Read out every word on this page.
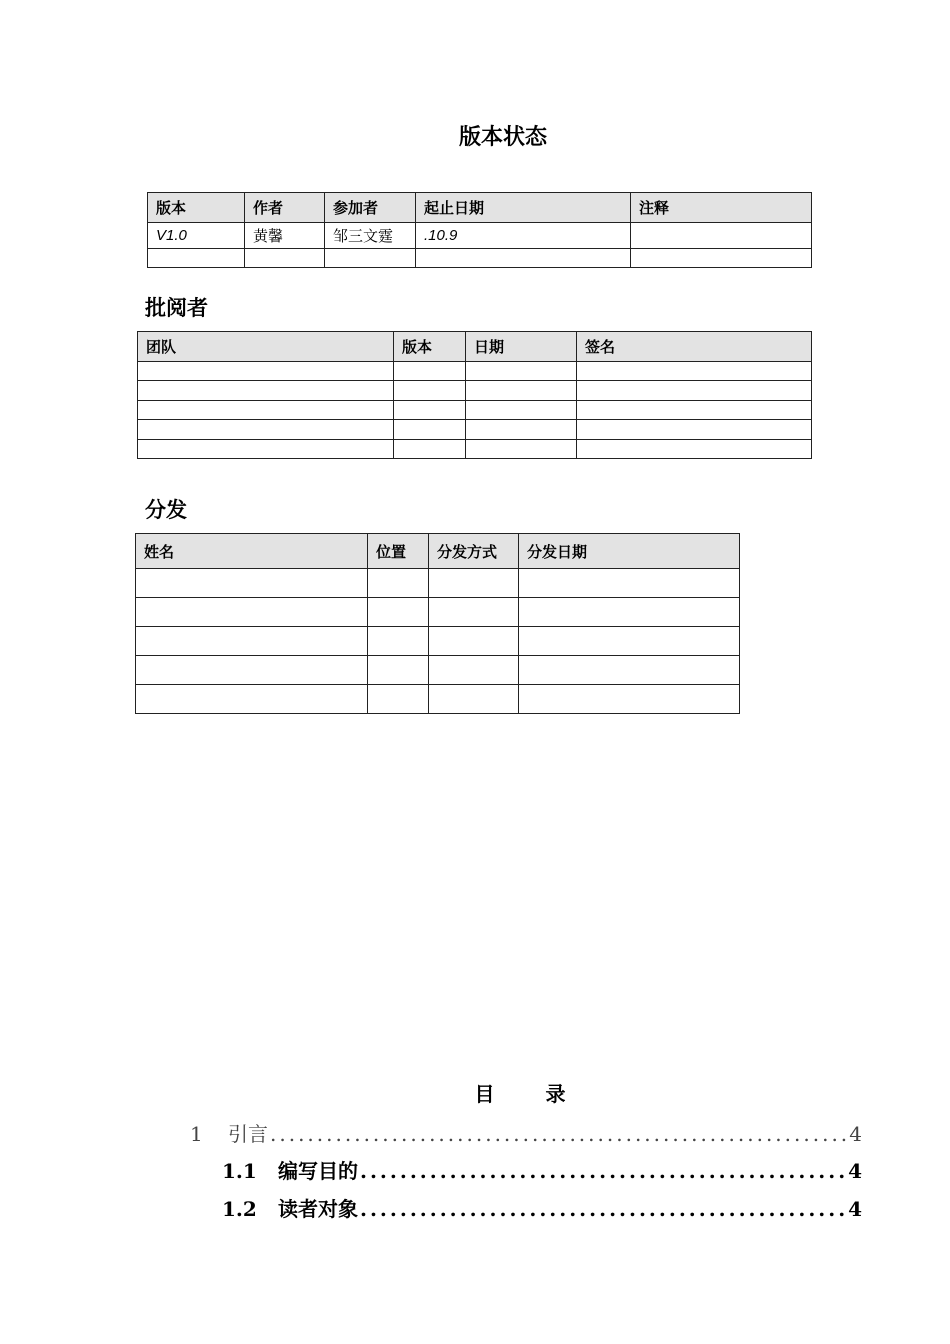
版本状态
版本	作者	参加者	起止日期	注释
V1.0	黄馨	邹三文霆	.10.9	

批阅者
团队	版本	日期	签名

分发
姓名	位置	分发方式	分发日期

目 录
1	引言 .....	4
1.1	编写目的 .....	4
1.2	读者对象 .....	4
